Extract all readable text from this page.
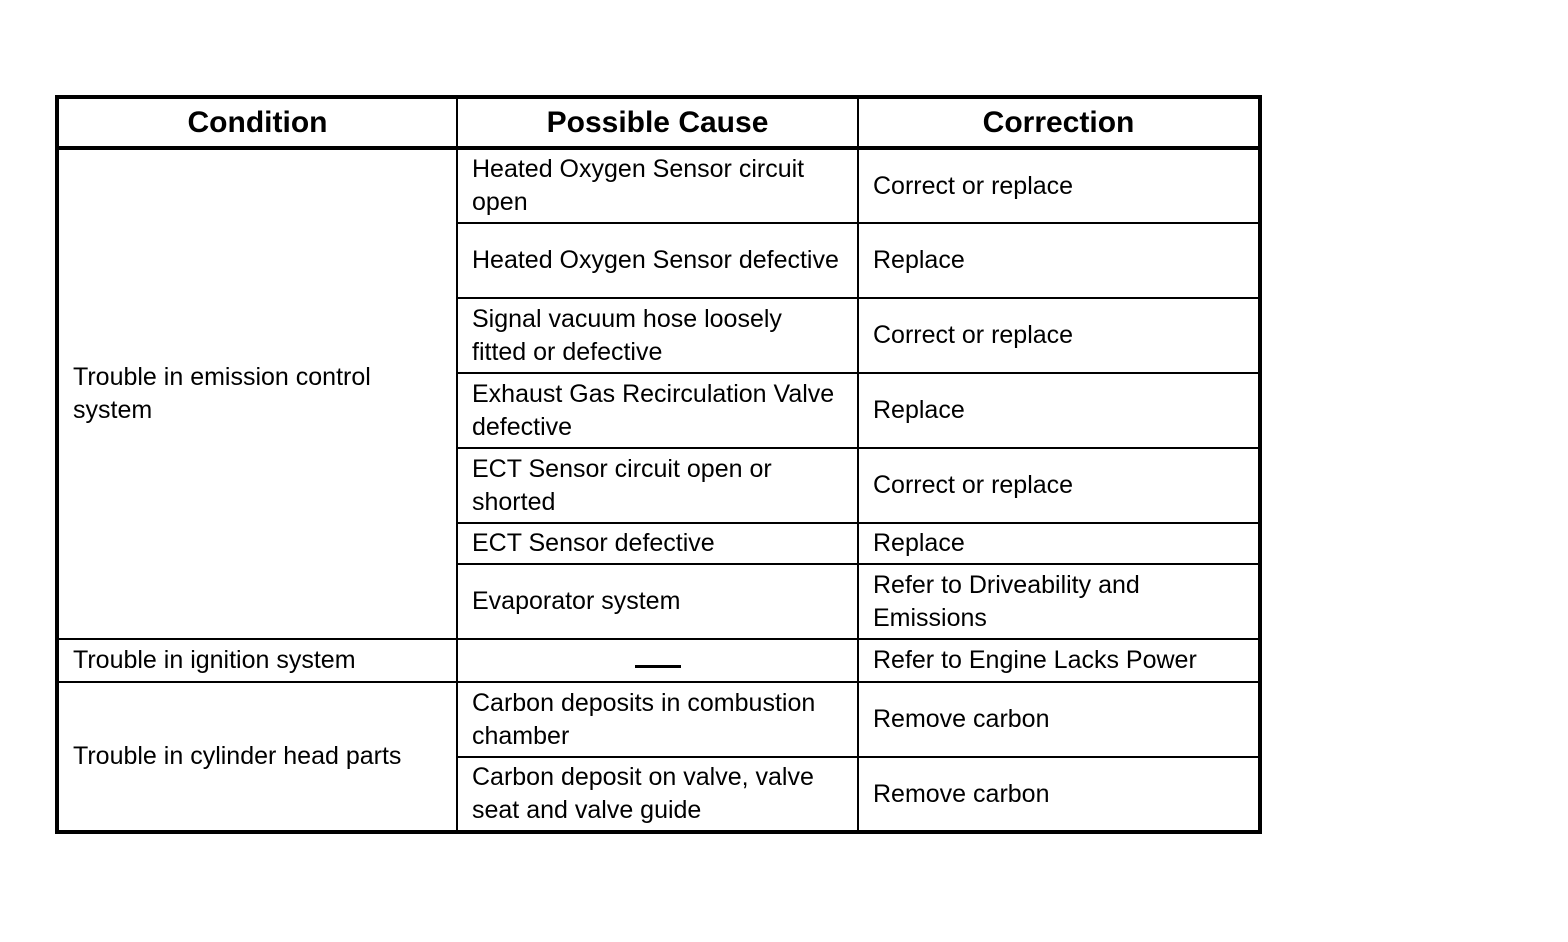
Condition	Possible Cause	Correction
Trouble in emission control system	Heated Oxygen Sensor circuit open	Correct or replace
	Heated Oxygen Sensor defective	Replace
	Signal vacuum hose loosely fitted or defective	Correct or replace
	Exhaust Gas Recirculation Valve defective	Replace
	ECT Sensor circuit open or shorted	Correct or replace
	ECT Sensor defective	Replace
	Evaporator system	Refer to Driveability and Emissions
Trouble in ignition system		Refer to Engine Lacks Power
Trouble in cylinder head parts	Carbon deposits in combustion chamber	Remove carbon
	Carbon deposit on valve, valve seat and valve guide	Remove carbon
